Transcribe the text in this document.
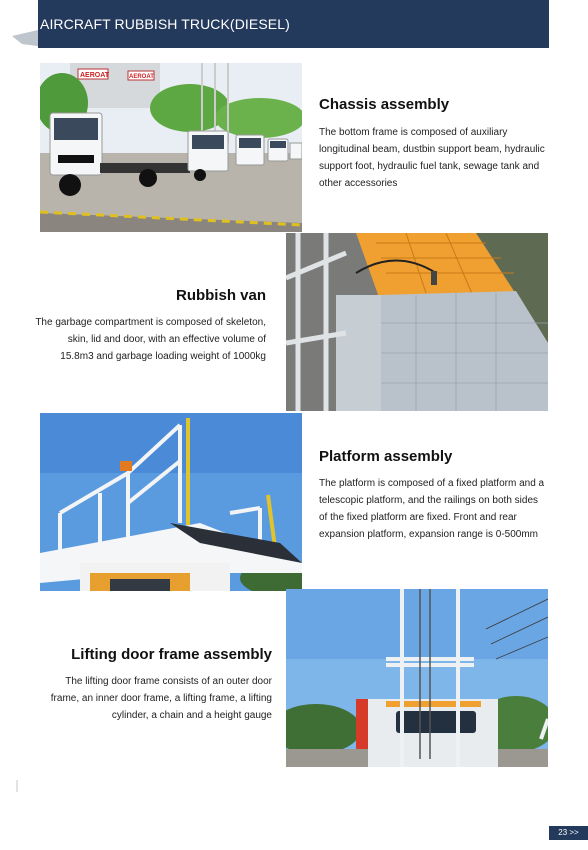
AIRCRAFT RUBBISH TRUCK(DIESEL)
AEROAT	AEROAT
Chassis assembly
The bottom frame is composed of auxiliary
longitudinal beam, dustbin support beam, hydraulic
support foot, hydraulic fuel tank, sewage tank and
other accessories
Rubbish van
The garbage compartment is composed of skeleton,
skin, lid and door, with an effective volume of
15.8m3 and garbage loading weight of 1000kg
Platform assembly
The platform is composed of a fixed platform and a
telescopic platform, and the railings on both sides
of the fixed platform are fixed. Front and rear
expansion platform, expansion range is 0-500mm
Lifting door frame assembly
The lifting door frame consists of an outer door
frame, an inner door frame, a lifting frame, a lifting
cylinder, a chain and a height gauge
23 >>
